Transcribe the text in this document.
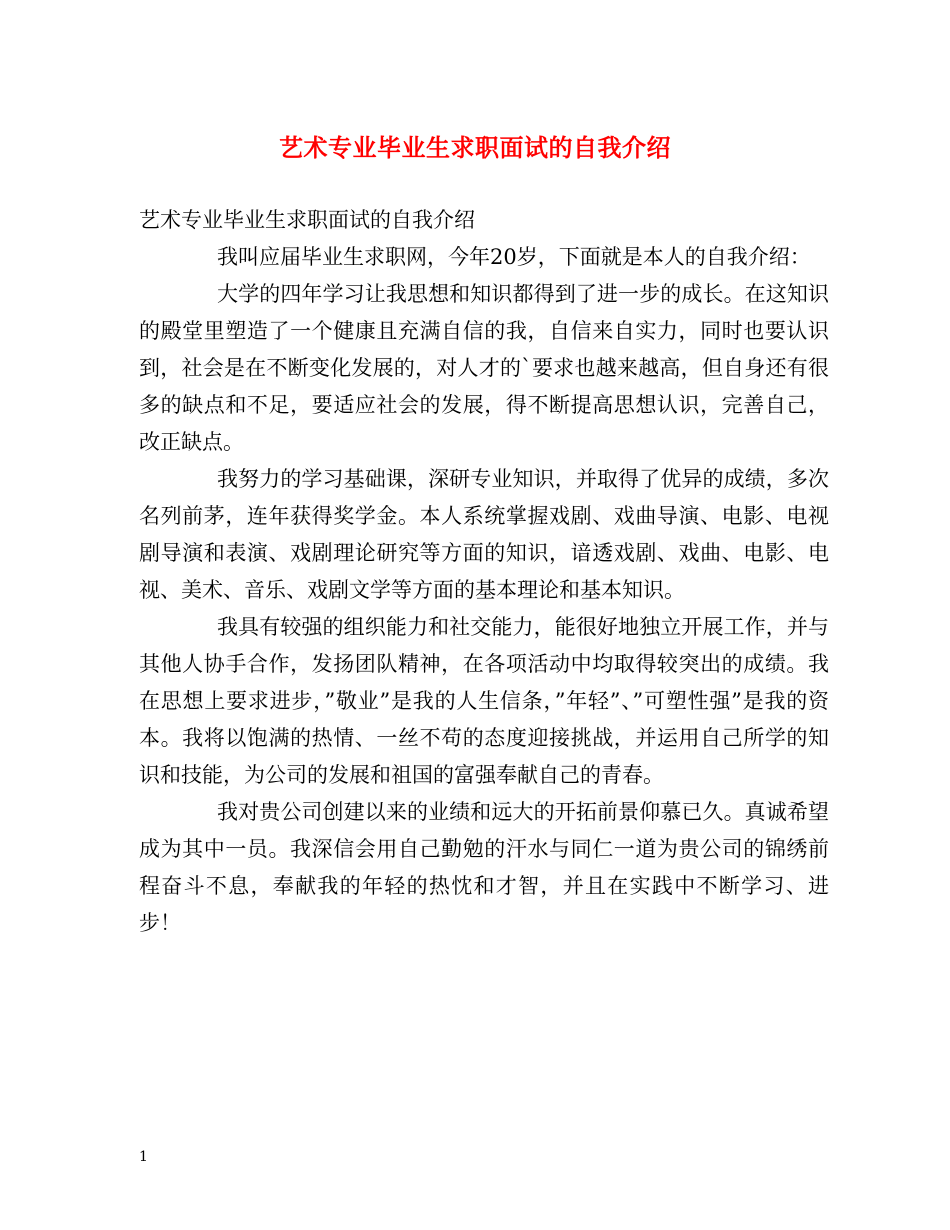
艺术专业毕业生求职面试的自我介绍

艺术专业毕业生求职面试的自我介绍

我叫应届毕业生求职网，今年20岁，下面就是本人的自我介绍：

大学的四年学习让我思想和知识都得到了进一步的成长。在这知识的殿堂里塑造了一个健康且充满自信的我，自信来自实力，同时也要认识到，社会是在不断变化发展的，对人才的`要求也越来越高，但自身还有很多的缺点和不足，要适应社会的发展，得不断提高思想认识，完善自己，改正缺点。

我努力的学习基础课，深研专业知识，并取得了优异的成绩，多次名列前茅，连年获得奖学金。本人系统掌握戏剧、戏曲导演、电影、电视剧导演和表演、戏剧理论研究等方面的知识，谙透戏剧、戏曲、电影、电视、美术、音乐、戏剧文学等方面的基本理论和基本知识。

我具有较强的组织能力和社交能力，能很好地独立开展工作，并与其他人协手合作，发扬团队精神，在各项活动中均取得较突出的成绩。我在思想上要求进步，”敬业”是我的人生信条，”年轻”、”可塑性强”是我的资本。我将以饱满的热情、一丝不苟的态度迎接挑战，并运用自己所学的知识和技能，为公司的发展和祖国的富强奉献自己的青春。

我对贵公司创建以来的业绩和远大的开拓前景仰慕已久。真诚希望成为其中一员。我深信会用自己勤勉的汗水与同仁一道为贵公司的锦绣前程奋斗不息，奉献我的年轻的热忱和才智，并且在实践中不断学习、进步！

1
